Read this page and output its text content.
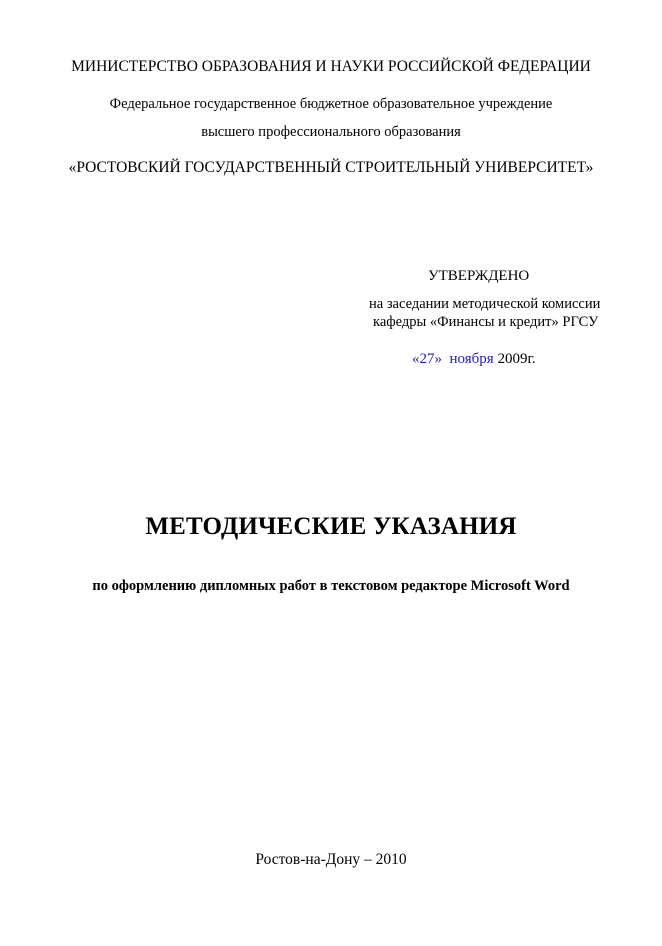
МИНИСТЕРСТВО ОБРАЗОВАНИЯ И НАУКИ РОССИЙСКОЙ ФЕДЕРАЦИИ
Федеральное государственное бюджетное образовательное учреждение
высшего профессионального образования
«РОСТОВСКИЙ ГОСУДАРСТВЕННЫЙ СТРОИТЕЛЬНЫЙ УНИВЕРСИТЕТ»
УТВЕРЖДЕНО
на заседании методической комиссии
кафедры «Финансы и кредит» РГСУ
«27» ноября 2009г.
МЕТОДИЧЕСКИЕ УКАЗАНИЯ
по оформлению дипломных работ в текстовом редакторе Microsoft Word
Ростов-на-Дону – 2010
